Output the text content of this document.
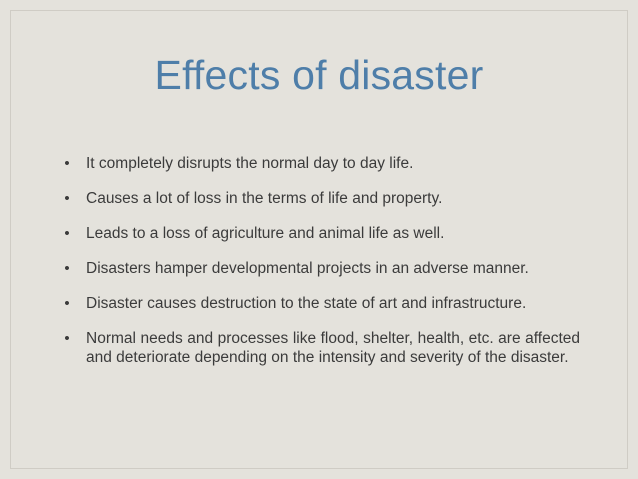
Effects of disaster
• It completely disrupts the normal day to day life.
• Causes a lot of loss in the terms of life and property.
• Leads to a loss of agriculture and animal life as well.
• Disasters hamper developmental projects in an adverse manner.
• Disaster causes destruction to the state of art and infrastructure.
• Normal needs and processes like flood, shelter, health, etc. are affected and deteriorate depending on the intensity and severity of the disaster.
